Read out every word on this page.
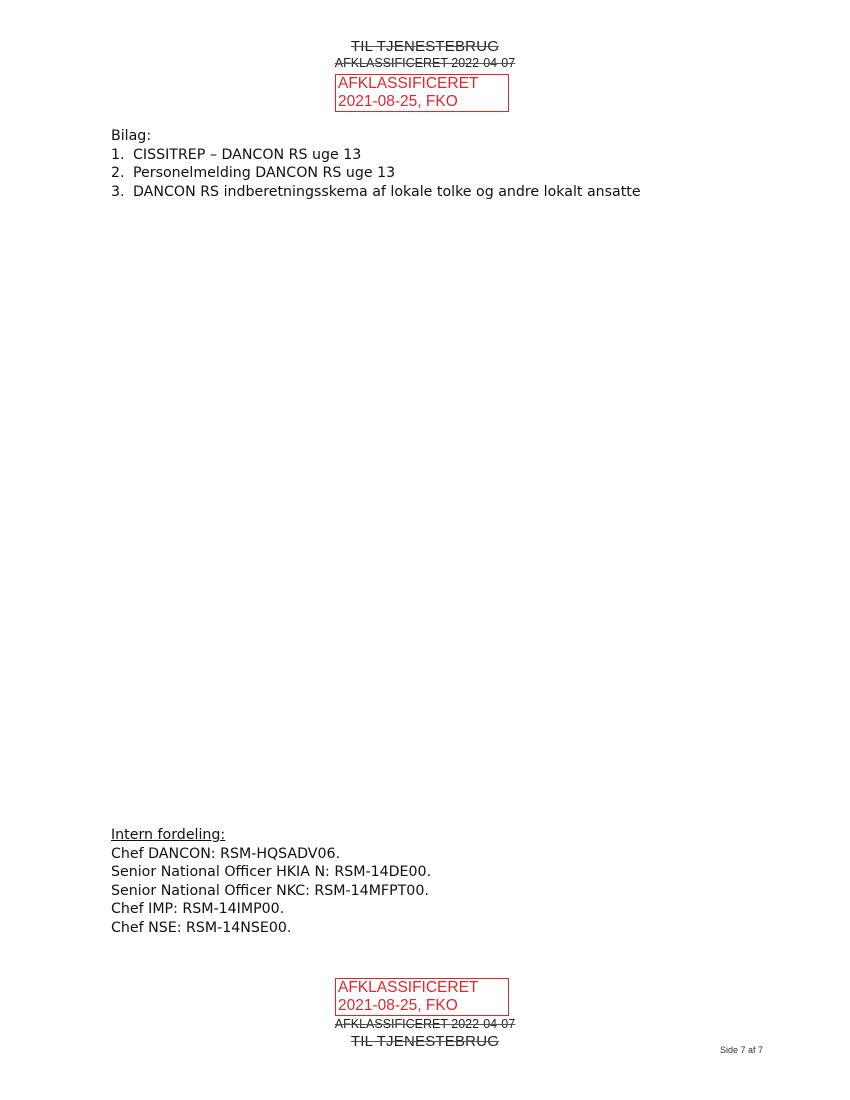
TIL TJENESTEBRUG
AFKLASSIFICERET 2022-04-07
AFKLASSIFICERET
2021-08-25, FKO
Bilag:
1. CISSITREP – DANCON RS uge 13
2. Personelmelding DANCON RS uge 13
3. DANCON RS indberetningsskema af lokale tolke og andre lokalt ansatte
Intern fordeling:
Chef DANCON: RSM-HQSADV06.
Senior National Officer HKIA N: RSM-14DE00.
Senior National Officer NKC: RSM-14MFPT00.
Chef IMP: RSM-14IMP00.
Chef NSE: RSM-14NSE00.
AFKLASSIFICERET
2021-08-25, FKO
AFKLASSIFICERET 2022-04-07
TIL TJENESTEBRUG	Side 7 af 7
